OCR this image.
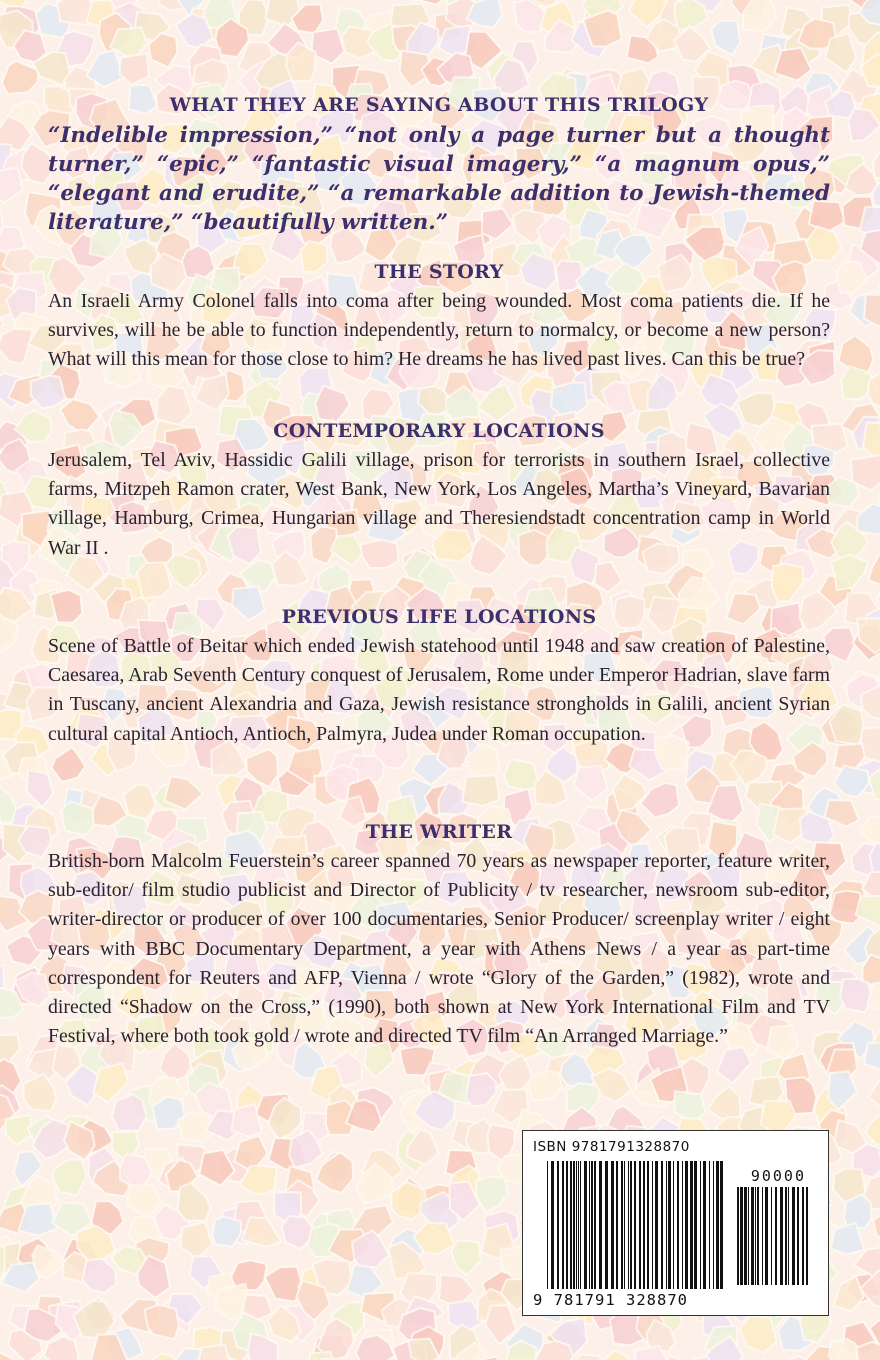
WHAT THEY ARE SAYING ABOUT THIS TRILOGY

“Indelible impression,” “not only a page turner but a thought turner,” “epic,” “fantastic visual imagery,” “a magnum opus,” “elegant and erudite,” “a remarkable addition to Jewish-themed literature,” “beautifully written.”

THE STORY

An Israeli Army Colonel falls into coma after being wounded. Most coma patients die. If he survives, will he be able to function independently, return to normalcy, or become a new person? What will this mean for those close to him? He dreams he has lived past lives. Can this be true?

CONTEMPORARY LOCATIONS

Jerusalem, Tel Aviv, Hassidic Galili village, prison for terrorists in southern Israel, collective farms, Mitzpeh Ramon crater, West Bank, New York, Los Angeles, Martha’s Vineyard, Bavarian village, Hamburg, Crimea, Hungarian village and Theresiendstadt concentration camp in World War II .

PREVIOUS LIFE LOCATIONS

Scene of Battle of Beitar which ended Jewish statehood until 1948 and saw creation of Palestine, Caesarea, Arab Seventh Century conquest of Jerusalem, Rome under Emperor Hadrian, slave farm in Tuscany, ancient Alexandria and Gaza, Jewish resistance strongholds in Galili, ancient Syrian cultural capital Antioch, Antioch, Palmyra, Judea under Roman occupation.

THE WRITER

British-born Malcolm Feuerstein’s career spanned 70 years as newspaper reporter, feature writer, sub-editor/ film studio publicist and Director of Publicity / tv researcher, newsroom sub-editor, writer-director or producer of over 100 documentaries, Senior Producer/ screenplay writer / eight years with BBC Documentary Department, a year with Athens News / a year as part-time correspondent for Reuters and AFP, Vienna / wrote “Glory of the Garden,” (1982), wrote and directed “Shadow on the Cross,” (1990), both shown at New York International Film and TV Festival, where both took gold / wrote and directed TV film “An Arranged Marriage.”

ISBN 9781791328870
90000
9 781791 328870
